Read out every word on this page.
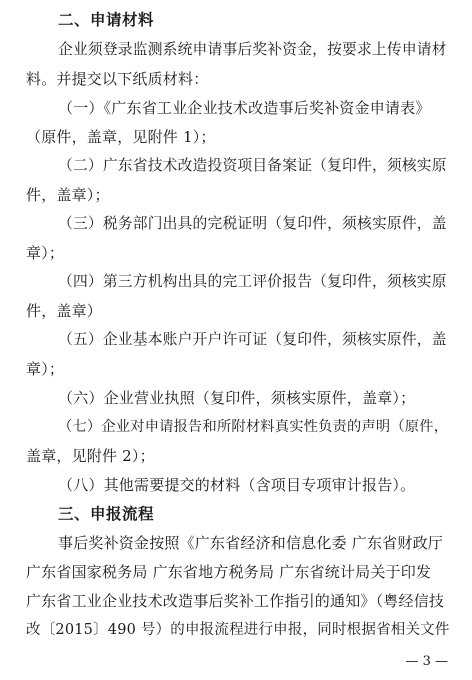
二、申请材料
企业须登录监测系统申请事后奖补资金，按要求上传申请材
料。并提交以下纸质材料：
（一）《广东省工业企业技术改造事后奖补资金申请表》
（原件，盖章，见附件 1）；
（二）广东省技术改造投资项目备案证（复印件，须核实原
件，盖章）；
（三）税务部门出具的完税证明（复印件，须核实原件，盖
章）；
（四）第三方机构出具的完工评价报告（复印件，须核实原
件，盖章）
（五）企业基本账户开户许可证（复印件，须核实原件，盖
章）；
（六）企业营业执照（复印件，须核实原件，盖章）；
（七）企业对申请报告和所附材料真实性负责的声明（原件，
盖章，见附件 2）；
（八）其他需要提交的材料（含项目专项审计报告）。
三、申报流程
事后奖补资金按照《广东省经济和信息化委 广东省财政厅
广东省国家税务局 广东省地方税务局 广东省统计局关于印发
广东省工业企业技术改造事后奖补工作指引的通知》（粤经信技
改〔2015〕490 号）的申报流程进行申报，同时根据省相关文件
— 3 —
